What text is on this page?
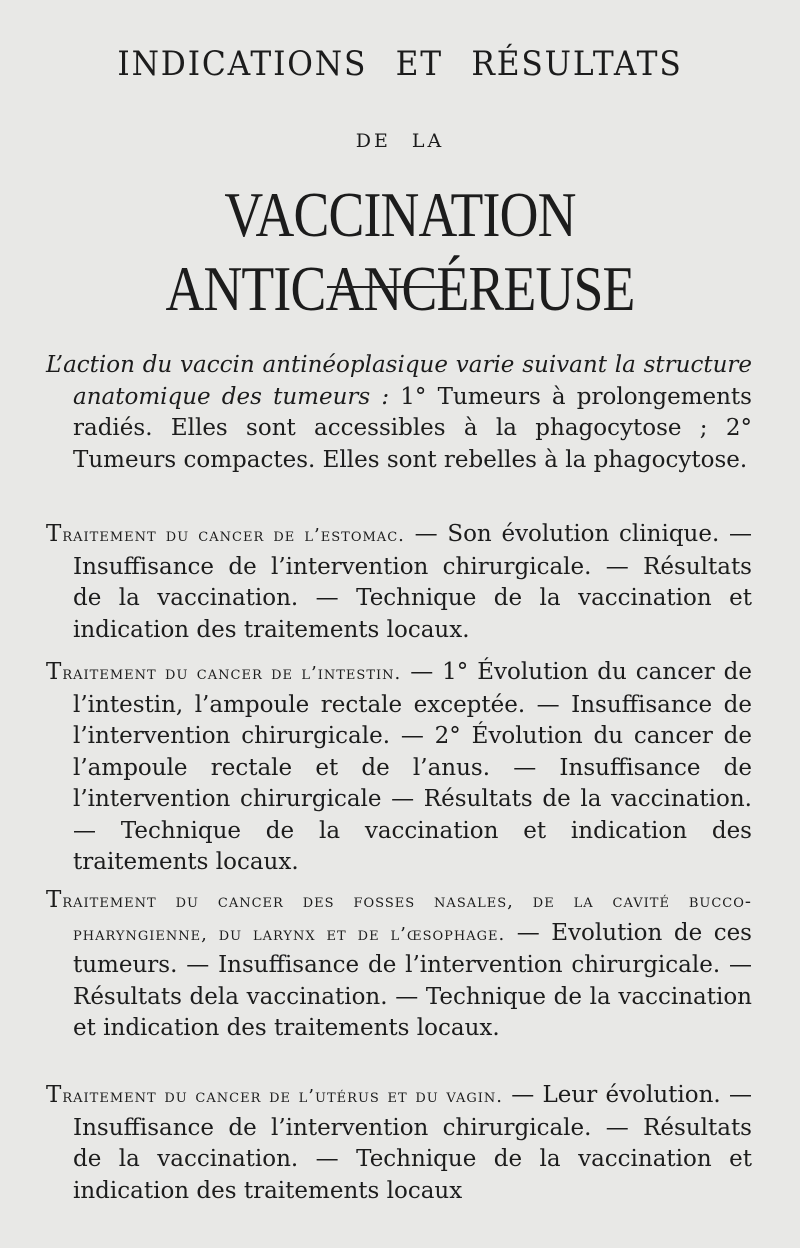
INDICATIONS ET RÉSULTATS
DE LA
VACCINATION ANTICANCÉREUSE
L’action du vaccin antinéoplasique varie suivant la structure anatomique des tumeurs : 1° Tumeurs à prolongements radiés. Elles sont accessibles à la phagocytose ; 2° Tumeurs compactes. Elles sont rebelles à la phagocytose.
Traitement du cancer de l’estomac. — Son évolution clinique. — Insuffisance de l’intervention chirurgicale. — Résultats de la vaccination. — Technique de la vaccination et indication des traitements locaux.
Traitement du cancer de l’intestin. — 1° Évolution du cancer de l’intestin, l’ampoule rectale exceptée. — Insuffisance de l’intervention chirurgicale. — 2° Évolution du cancer de l’ampoule rectale et de l’anus. — Insuffisance de l’intervention chirurgicale — Résultats de la vaccination. — Technique de la vaccination et indication des traitements locaux.
Traitement du cancer des fosses nasales, de la cavité bucco-pharyngienne, du larynx et de l’œsophage. — Evolution de ces tumeurs. — Insuffisance de l’intervention chirurgicale. — Résultats dela vaccination. — Technique de la vaccination et indication des traitements locaux.
Traitement du cancer de l’utérus et du vagin. — Leur évolution. — Insuffisance de l’intervention chirurgicale. — Résultats de la vaccination. — Technique de la vaccination et indication des traitements locaux
